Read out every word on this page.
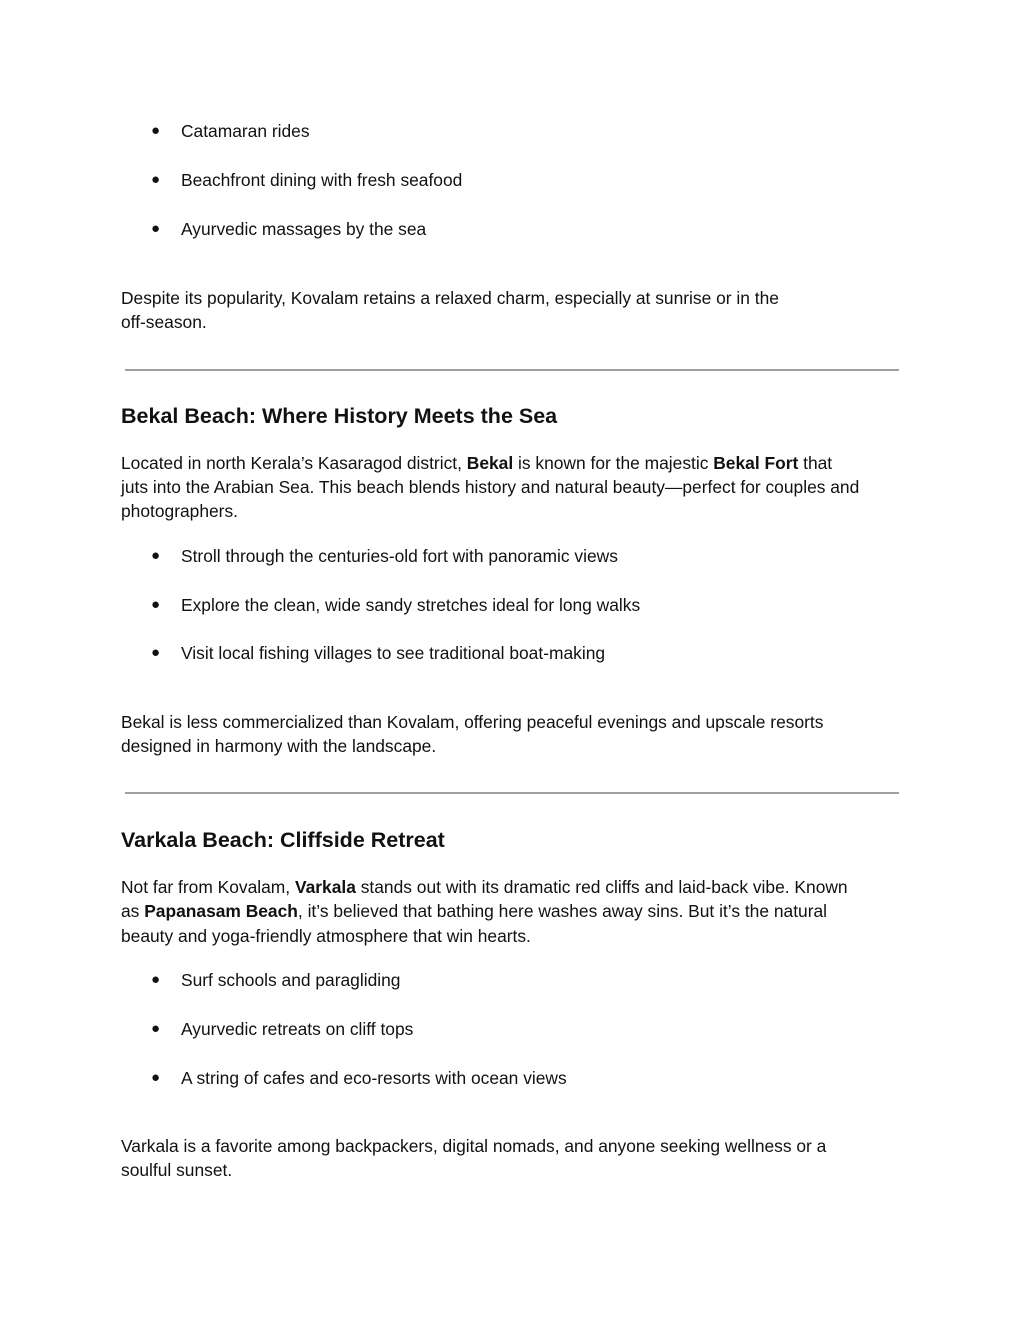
● Catamaran rides
● Beachfront dining with fresh seafood
● Ayurvedic massages by the sea
Despite its popularity, Kovalam retains a relaxed charm, especially at sunrise or in the
off-season.
Bekal Beach: Where History Meets the Sea
Located in north Kerala’s Kasaragod district, Bekal is known for the majestic Bekal Fort that
juts into the Arabian Sea. This beach blends history and natural beauty—perfect for couples and
photographers.
● Stroll through the centuries-old fort with panoramic views
● Explore the clean, wide sandy stretches ideal for long walks
● Visit local fishing villages to see traditional boat-making
Bekal is less commercialized than Kovalam, offering peaceful evenings and upscale resorts
designed in harmony with the landscape.
Varkala Beach: Cliffside Retreat
Not far from Kovalam, Varkala stands out with its dramatic red cliffs and laid-back vibe. Known
as Papanasam Beach, it’s believed that bathing here washes away sins. But it’s the natural
beauty and yoga-friendly atmosphere that win hearts.
● Surf schools and paragliding
● Ayurvedic retreats on cliff tops
● A string of cafes and eco-resorts with ocean views
Varkala is a favorite among backpackers, digital nomads, and anyone seeking wellness or a
soulful sunset.
